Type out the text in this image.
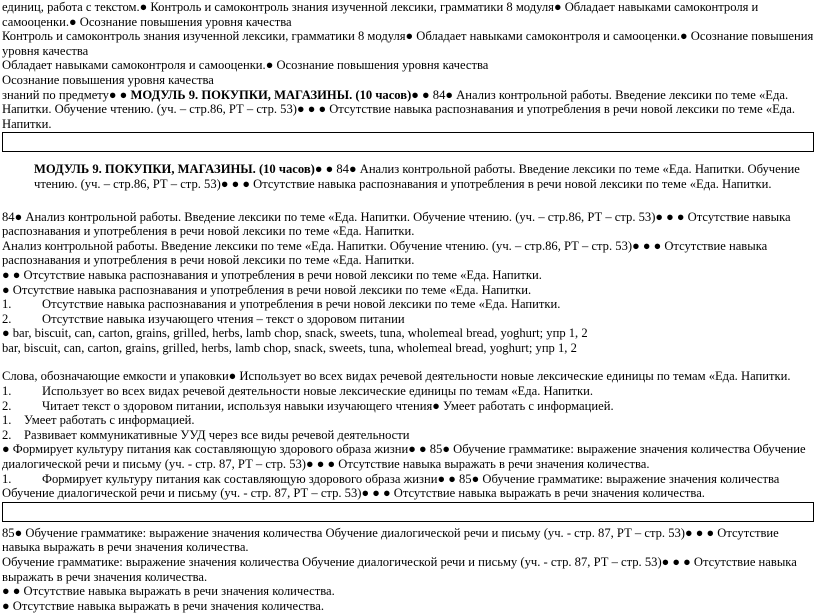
единиц, работа с текстом.● Контроль и самоконтроль знания изученной лексики, грамматики 8 модуля● Обладает навыками самоконтроля и самооценки.● Осознание повышения уровня качества
Контроль и самоконтроль знания изученной лексики, грамматики 8 модуля● Обладает навыками самоконтроля и самооценки.● Осознание повышения уровня качества
Обладает навыками самоконтроля и самооценки.● Осознание повышения уровня качества
Осознание повышения уровня качества
знаний по предмету● ● МОДУЛЬ 9. ПОКУПКИ, МАГАЗИНЫ. (10 часов)● ● 84● Анализ контрольной работы. Введение лексики по теме «Еда. Напитки. Обучение чтению. (уч. – стр.86, РТ – стр. 53)● ● ● Отсутствие навыка распознавания и употребления в речи новой лексики по теме «Еда. Напитки.
МОДУЛЬ 9. ПОКУПКИ, МАГАЗИНЫ. (10 часов)● ● 84● Анализ контрольной работы. Введение лексики по теме «Еда. Напитки. Обучение чтению. (уч. – стр.86, РТ – стр. 53)● ● ● Отсутствие навыка распознавания и употребления в речи новой лексики по теме «Еда. Напитки.
84● Анализ контрольной работы. Введение лексики по теме «Еда. Напитки. Обучение чтению. (уч. – стр.86, РТ – стр. 53)● ● ● Отсутствие навыка распознавания и употребления в речи новой лексики по теме «Еда. Напитки.
Анализ контрольной работы. Введение лексики по теме «Еда. Напитки. Обучение чтению. (уч. – стр.86, РТ – стр. 53)● ● ● Отсутствие навыка распознавания и употребления в речи новой лексики по теме «Еда. Напитки.
● ● Отсутствие навыка распознавания и употребления в речи новой лексики по теме «Еда. Напитки.
● Отсутствие навыка распознавания и употребления в речи новой лексики по теме «Еда. Напитки.
1. Отсутствие навыка распознавания и употребления в речи новой лексики по теме «Еда. Напитки.
2. Отсутствие навыка изучающего чтения – текст о здоровом питании
● bar, biscuit, can, carton, grains, grilled, herbs, lamb chop, snack, sweets, tuna, wholemeal bread, yoghurt; упр 1, 2
bar, biscuit, can, carton, grains, grilled, herbs, lamb chop, snack, sweets, tuna, wholemeal bread, yoghurt; упр 1, 2
Слова, обозначающие емкости и упаковки● Использует во всех видах речевой деятельности новые лексические единицы по темам «Еда. Напитки.
1. Использует во всех видах речевой деятельности новые лексические единицы по темам «Еда. Напитки.
2. Читает текст о здоровом питании, используя навыки изучающего чтения● Умеет работать с информацией.
1. Умеет работать с информацией.
2. Развивает коммуникативные УУД через все виды речевой деятельности
● Формирует культуру питания как составляющую здорового образа жизни● ● 85● Обучение грамматике: выражение значения количества Обучение диалогической речи и письму (уч. - стр. 87, РТ – стр. 53)● ● ● Отсутствие навыка выражать в речи значения количества.
1. Формирует культуру питания как составляющую здорового образа жизни● ● 85● Обучение грамматике: выражение значения количества Обучение диалогической речи и письму (уч. - стр. 87, РТ – стр. 53)● ● ● Отсутствие навыка выражать в речи значения количества.
85● Обучение грамматике: выражение значения количества Обучение диалогической речи и письму (уч. - стр. 87, РТ – стр. 53)● ● ● Отсутствие навыка выражать в речи значения количества.
Обучение грамматике: выражение значения количества Обучение диалогической речи и письму (уч. - стр. 87, РТ – стр. 53)● ● ● Отсутствие навыка выражать в речи значения количества.
● ● Отсутствие навыка выражать в речи значения количества.
● Отсутствие навыка выражать в речи значения количества.
